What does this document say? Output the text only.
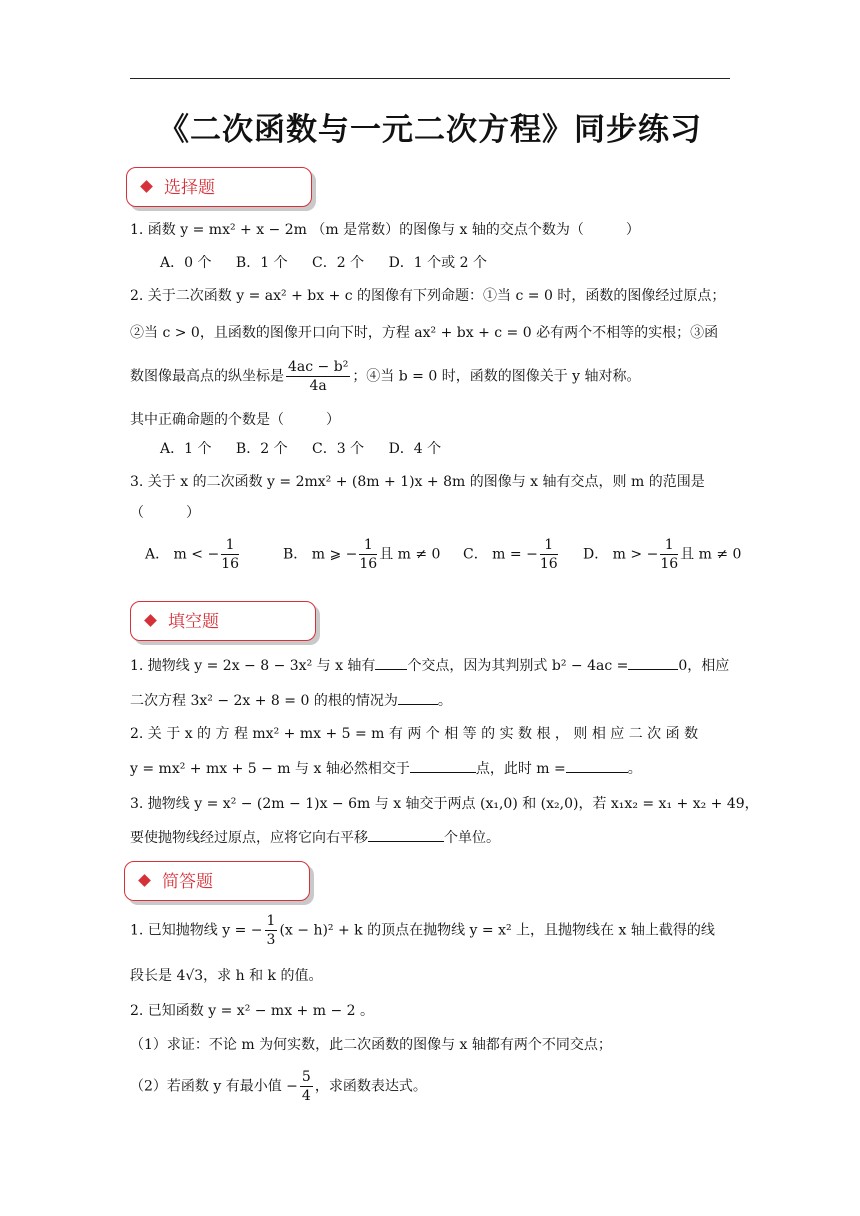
《二次函数与一元二次方程》同步练习
选择题
1. 函数 y = mx² + x − 2m （m 是常数）的图像与 x 轴的交点个数为（　　　）
A．0 个 B．1 个 C．2 个 D．1 个或 2 个
2. 关于二次函数 y = ax² + bx + c 的图像有下列命题：①当 c = 0 时，函数的图像经过原点；
②当 c > 0，且函数的图像开口向下时，方程 ax² + bx + c = 0 必有两个不相等的实根；③函
数图像最高点的纵坐标是 $\frac{\text{4ac − b²}}{4a}$ ；④当 b = 0 时，函数的图像关于 y 轴对称。
其中正确命题的个数是（　　　）
A．1 个 B．2 个 C．3 个 D．4 个
3. 关于 x 的二次函数 y = 2mx² + (8m + 1)x + 8m 的图像与 x 轴有交点，则 m 的范围是
（　　　）
A． m < − $\frac{1}{16}$	B． m ⩾ − $\frac{1}{16}$ 且 m ≠ 0 C． m = − $\frac{1}{16}$ D． m > − $\frac{1}{16}$ 且 m ≠ 0
填空题
1. 抛物线 y = 2x − 8 − 3x² 与 x 轴有 个交点，因为其判别式 b² − 4ac =	0，相应
二次方程 3x² − 2x + 8 = 0 的根的情况为	。
2. 关 于 x 的 方 程 mx² + mx + 5 = m 有 两 个 相 等 的 实 数 根 ， 则 相 应 二 次 函 数
y = mx² + mx + 5 − m 与 x 轴必然相交于	点，此时 m =	。
3. 抛物线 y = x² − (2m − 1)x − 6m 与 x 轴交于两点 (x₁,0) 和 (x₂,0)，若 x₁x₂ = x₁ + x₂ + 49，
要使抛物线经过原点，应将它向右平移	个单位。
简答题
1. 已知抛物线 y = − $\frac{1}{3} (x - h)^2 + k$ 的顶点在抛物线 y = x² 上，且抛物线在 x 轴上截得的线
段长是 4√3，求 h 和 k 的值。
2. 已知函数 y = x² − mx + m − 2 。
（1）求证：不论 m 为何实数，此二次函数的图像与 x 轴都有两个不同交点；
（2）若函数 y 有最小值 − $\frac{5}{4}$ ，求函数表达式。
